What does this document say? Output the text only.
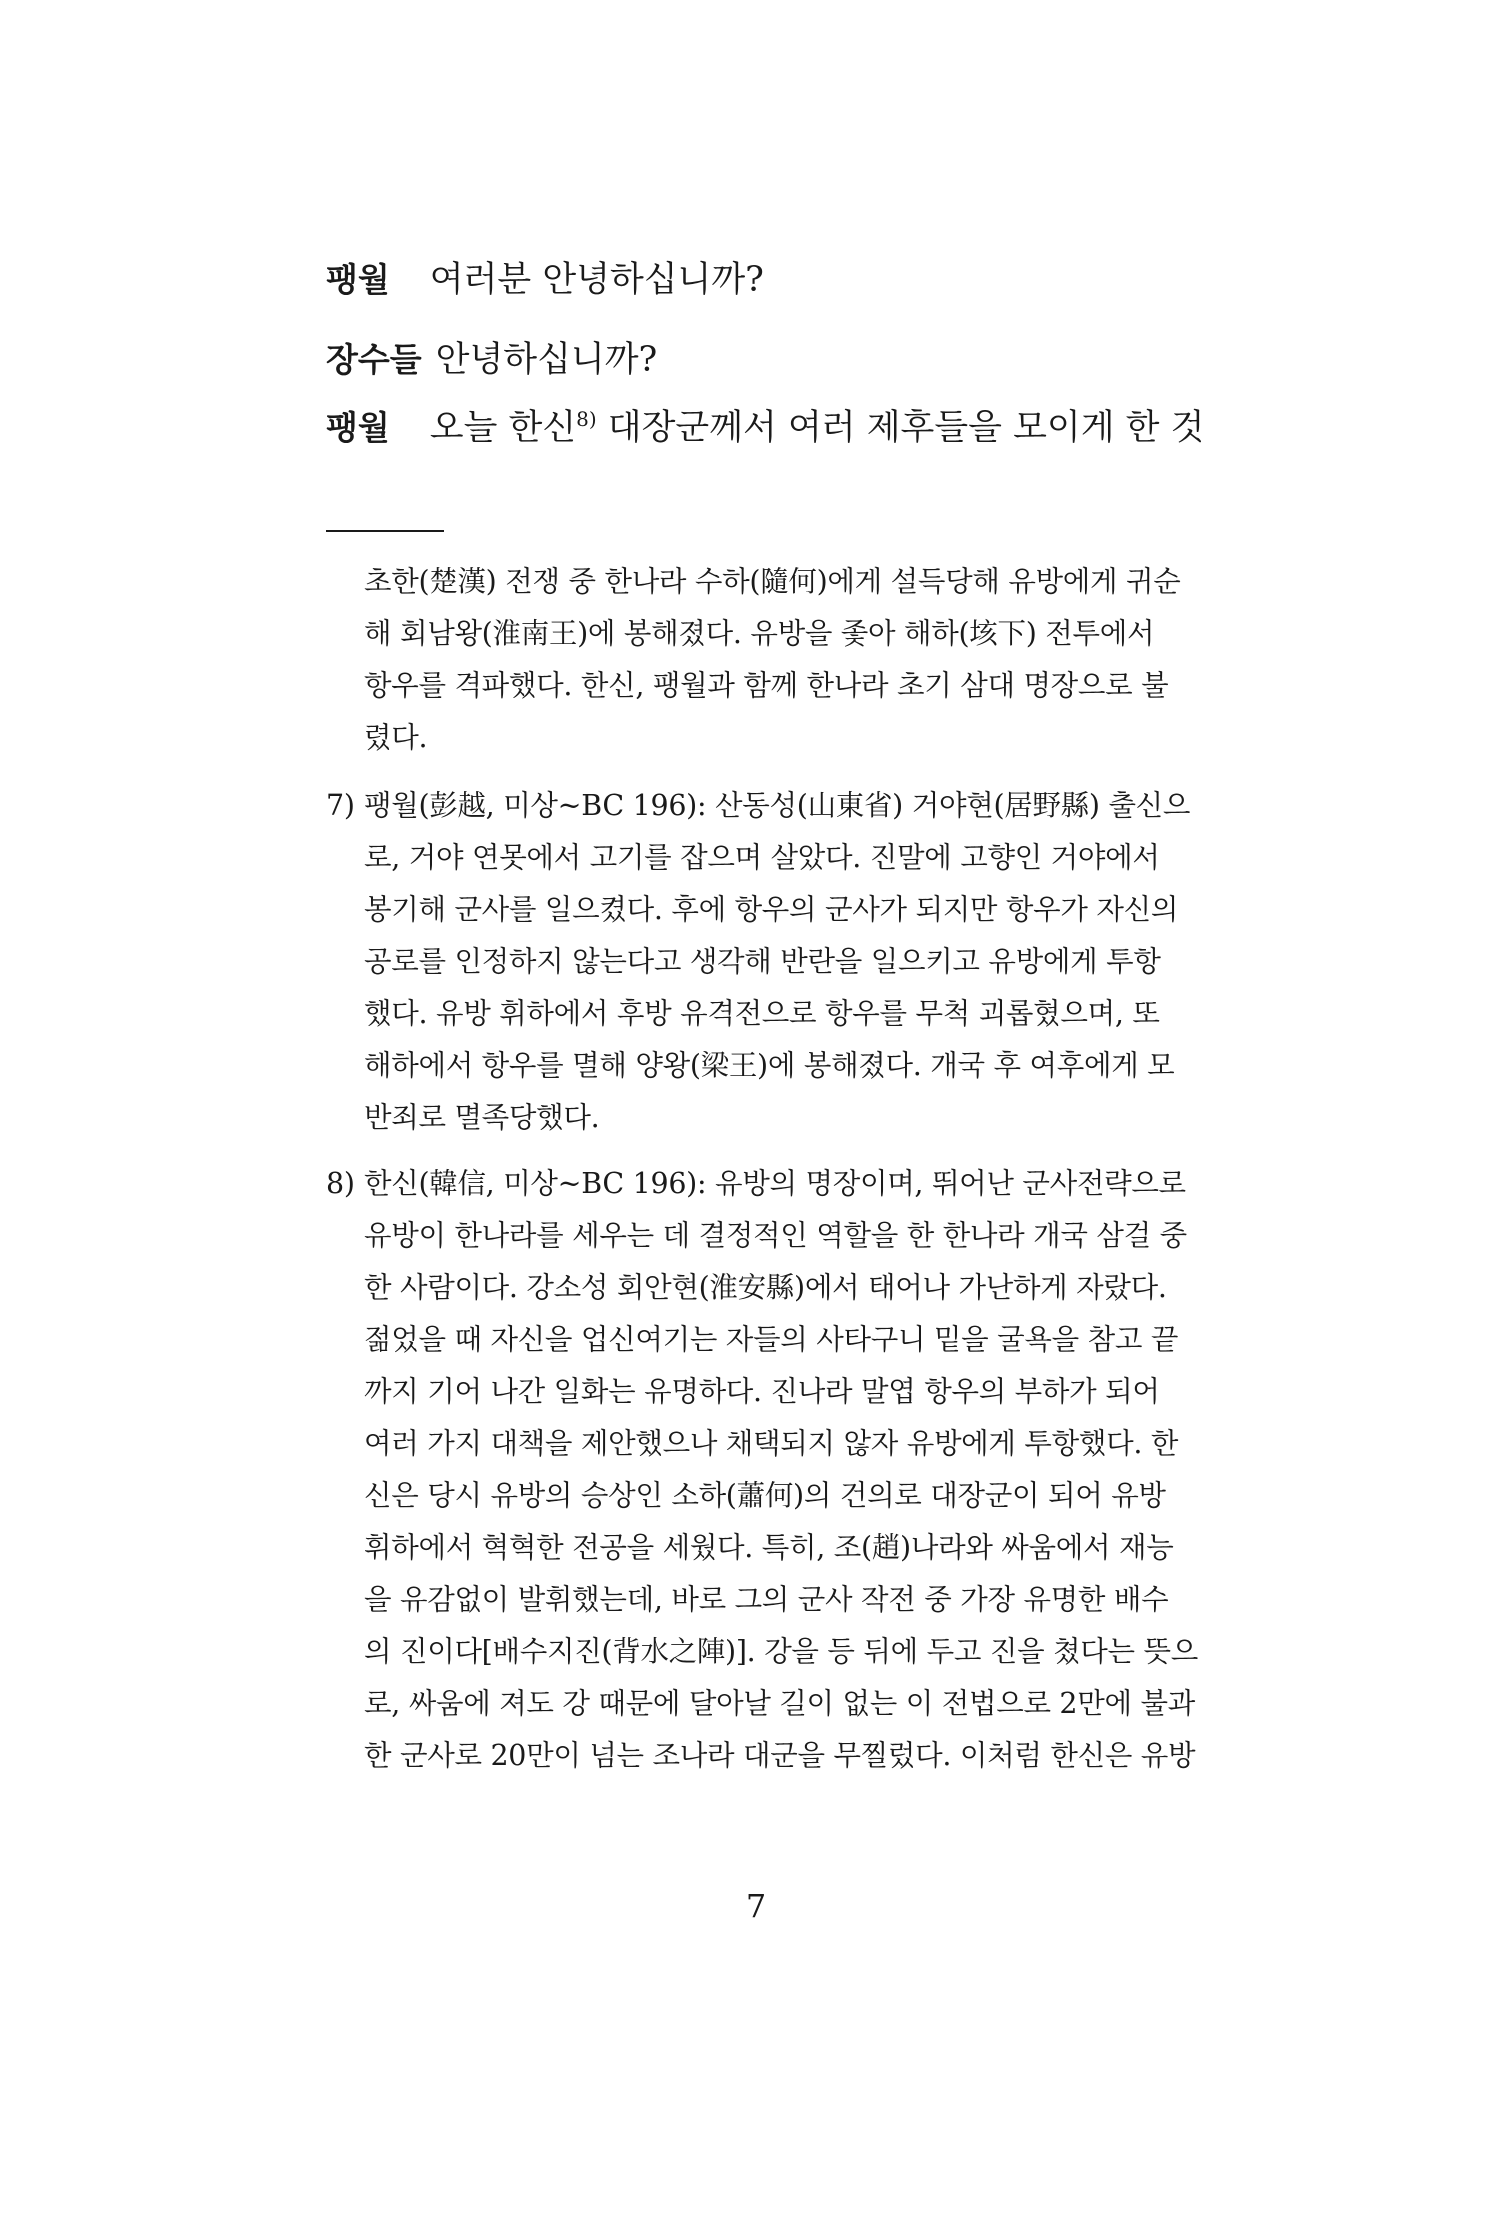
팽월 여러분 안녕하십니까?
장수들 안녕하십니까?
팽월 오늘 한신$^{8)}$ 대장군께서 여러 제후들을 모이게 한 것
초한(楚漢) 전쟁 중 한나라 수하(隨何)에게 설득당해 유방에게 귀순
해 회남왕(淮南王)에 봉해졌다. 유방을 좇아 해하(垓下) 전투에서
항우를 격파했다. 한신, 팽월과 함께 한나라 초기 삼대 명장으로 불
렸다.
7) 팽월(彭越, 미상~BC 196): 산동성(山東省) 거야현(居野縣) 출신으
로, 거야 연못에서 고기를 잡으며 살았다. 진말에 고향인 거야에서
봉기해 군사를 일으켰다. 후에 항우의 군사가 되지만 항우가 자신의
공로를 인정하지 않는다고 생각해 반란을 일으키고 유방에게 투항
했다. 유방 휘하에서 후방 유격전으로 항우를 무척 괴롭혔으며, 또
해하에서 항우를 멸해 양왕(梁王)에 봉해졌다. 개국 후 여후에게 모
반죄로 멸족당했다.
8) 한신(韓信, 미상~BC 196): 유방의 명장이며, 뛰어난 군사전략으로
유방이 한나라를 세우는 데 결정적인 역할을 한 한나라 개국 삼걸 중
한 사람이다. 강소성 회안현(淮安縣)에서 태어나 가난하게 자랐다.
젊었을 때 자신을 업신여기는 자들의 사타구니 밑을 굴욕을 참고 끝
까지 기어 나간 일화는 유명하다. 진나라 말엽 항우의 부하가 되어
여러 가지 대책을 제안했으나 채택되지 않자 유방에게 투항했다. 한
신은 당시 유방의 승상인 소하(蕭何)의 건의로 대장군이 되어 유방
휘하에서 혁혁한 전공을 세웠다. 특히, 조(趙)나라와 싸움에서 재능
을 유감없이 발휘했는데, 바로 그의 군사 작전 중 가장 유명한 배수
의 진이다[배수지진(背水之陣)]. 강을 등 뒤에 두고 진을 쳤다는 뜻으
로, 싸움에 져도 강 때문에 달아날 길이 없는 이 전법으로 2만에 불과
한 군사로 20만이 넘는 조나라 대군을 무찔렀다. 이처럼 한신은 유방
7
